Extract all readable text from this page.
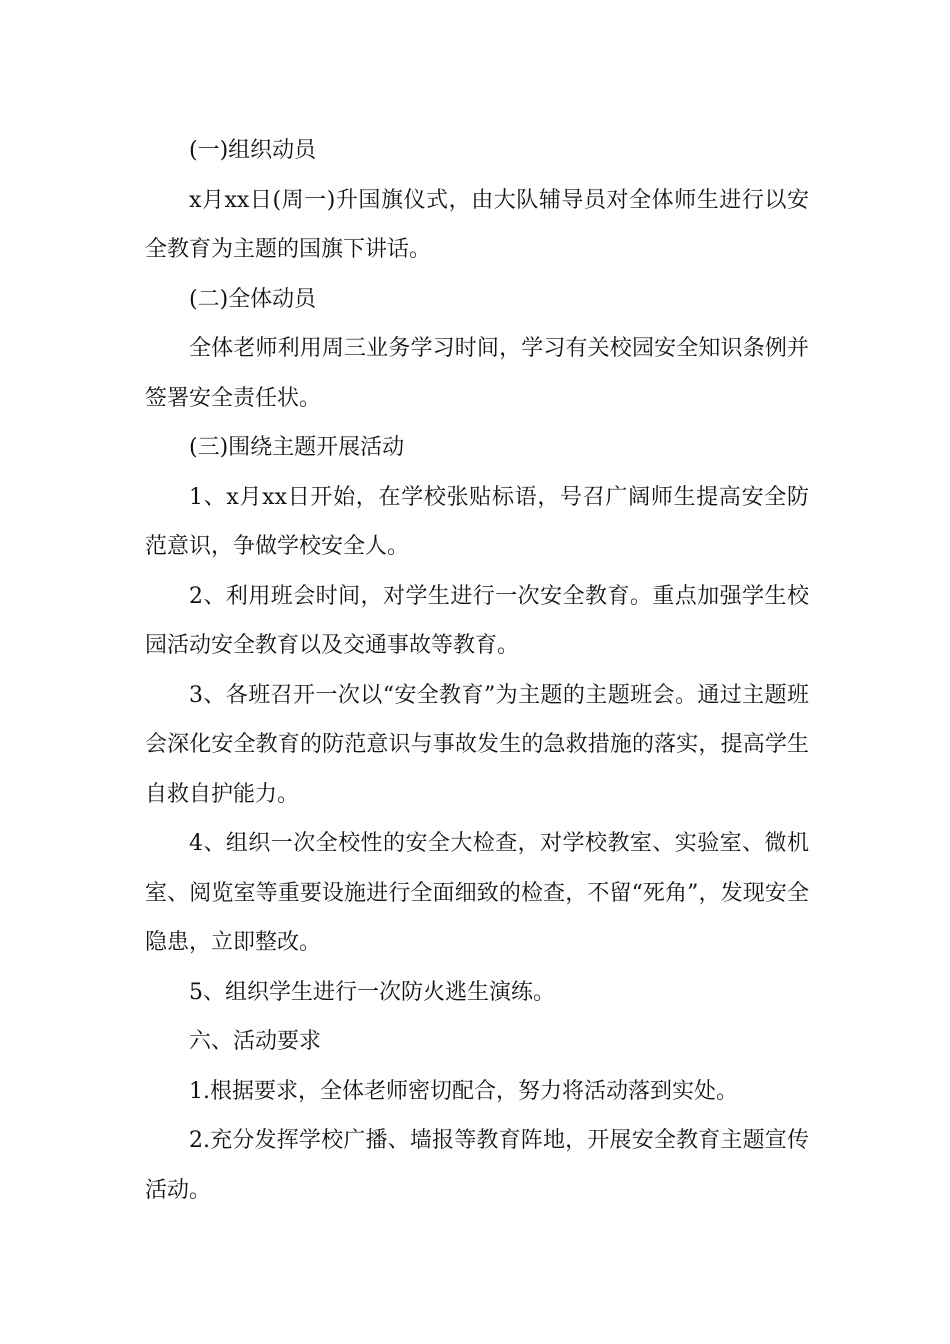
(一)组织动员

x月xx日(周一)升国旗仪式，由大队辅导员对全体师生进行以安全教育为主题的国旗下讲话。

(二)全体动员

全体老师利用周三业务学习时间，学习有关校园安全知识条例并签署安全责任状。

(三)围绕主题开展活动

1、x月xx日开始，在学校张贴标语，号召广阔师生提高安全防范意识，争做学校安全人。

2、利用班会时间，对学生进行一次安全教育。重点加强学生校园活动安全教育以及交通事故等教育。

3、各班召开一次以“安全教育”为主题的主题班会。通过主题班会深化安全教育的防范意识与事故发生的急救措施的落实，提高学生自救自护能力。

4、组织一次全校性的安全大检查，对学校教室、实验室、微机室、阅览室等重要设施进行全面细致的检查，不留“死角”，发现安全隐患，立即整改。

5、组织学生进行一次防火逃生演练。

六、活动要求

1.根据要求，全体老师密切配合，努力将活动落到实处。

2.充分发挥学校广播、墙报等教育阵地，开展安全教育主题宣传活动。
